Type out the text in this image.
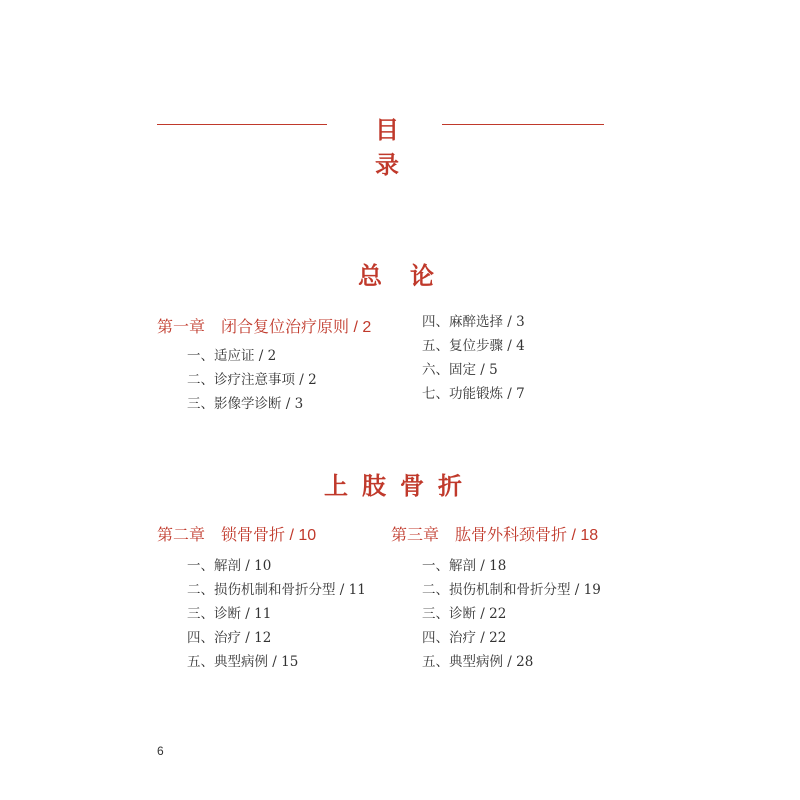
目录
总论
第一章 闭合复位治疗原则 / 2
一、适应证 / 2
二、诊疗注意事项 / 2
三、影像学诊断 / 3
四、麻醉选择 / 3
五、复位步骤 / 4
六、固定 / 5
七、功能锻炼 / 7
上肢骨折
第二章 锁骨骨折 / 10
一、解剖 / 10
二、损伤机制和骨折分型 / 11
三、诊断 / 11
四、治疗 / 12
五、典型病例 / 15
第三章 肱骨外科颈骨折 / 18
一、解剖 / 18
二、损伤机制和骨折分型 / 19
三、诊断 / 22
四、治疗 / 22
五、典型病例 / 28
6
